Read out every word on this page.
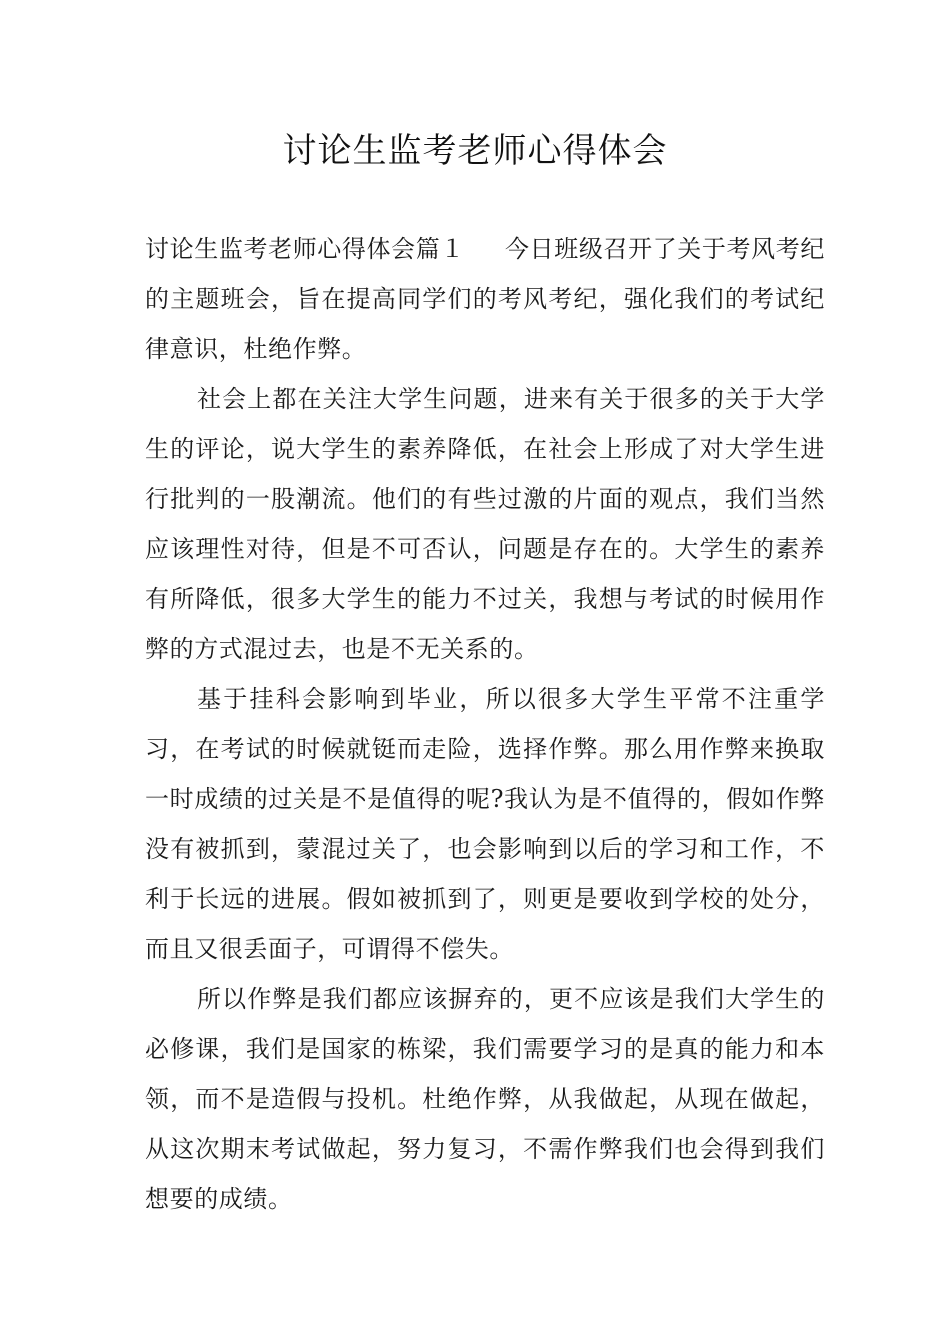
讨论生监考老师心得体会

讨论生监考老师心得体会篇１ 今日班级召开了关于考风考纪的主题班会，旨在提高同学们的考风考纪，强化我们的考试纪律意识，杜绝作弊。

社会上都在关注大学生问题，进来有关于很多的关于大学生的评论，说大学生的素养降低，在社会上形成了对大学生进行批判的一股潮流。他们的有些过激的片面的观点，我们当然应该理性对待，但是不可否认，问题是存在的。大学生的素养有所降低，很多大学生的能力不过关，我想与考试的时候用作弊的方式混过去，也是不无关系的。

基于挂科会影响到毕业，所以很多大学生平常不注重学习，在考试的时候就铤而走险，选择作弊。那么用作弊来换取一时成绩的过关是不是值得的呢?我认为是不值得的，假如作弊没有被抓到，蒙混过关了，也会影响到以后的学习和工作，不利于长远的进展。假如被抓到了，则更是要收到学校的处分，而且又很丢面子，可谓得不偿失。

所以作弊是我们都应该摒弃的，更不应该是我们大学生的必修课，我们是国家的栋梁，我们需要学习的是真的能力和本领，而不是造假与投机。杜绝作弊，从我做起，从现在做起，从这次期末考试做起，努力复习，不需作弊我们也会得到我们想要的成绩。
